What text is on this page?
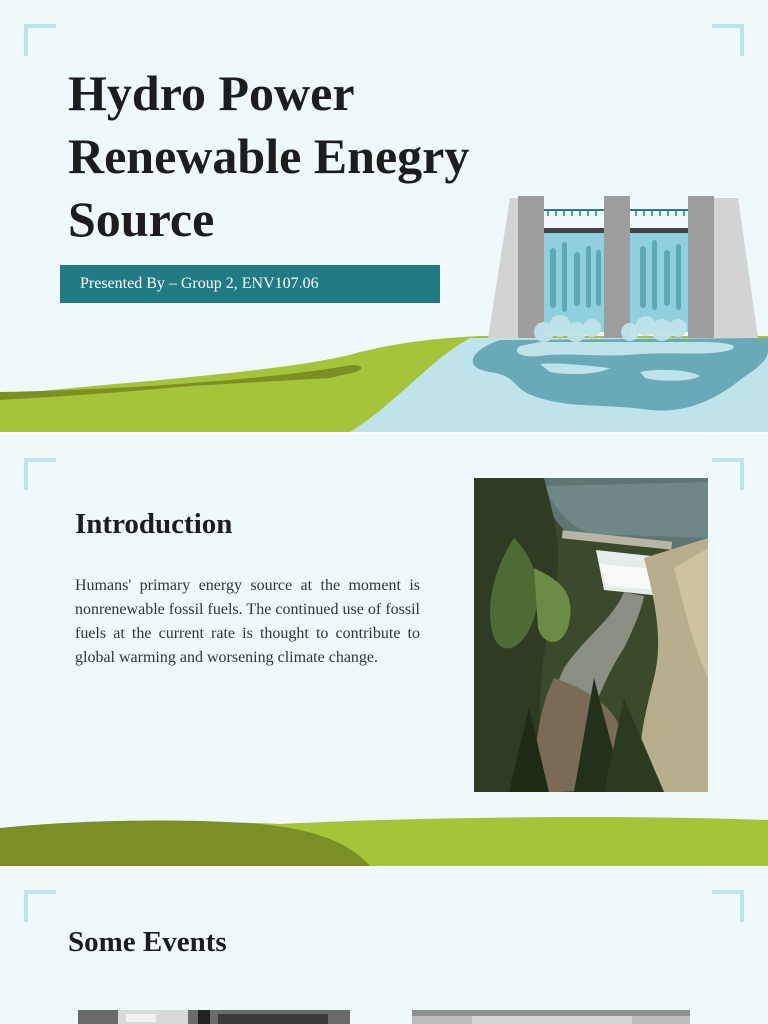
Hydro Power
Renewable Enegry
Source
Presented By – Group 2, ENV107.06
Introduction

Humans' primary energy source at the moment is nonrenewable fossil fuels. The continued use of fossil fuels at the current rate is thought to contribute to global warming and worsening climate change.

Some Events
